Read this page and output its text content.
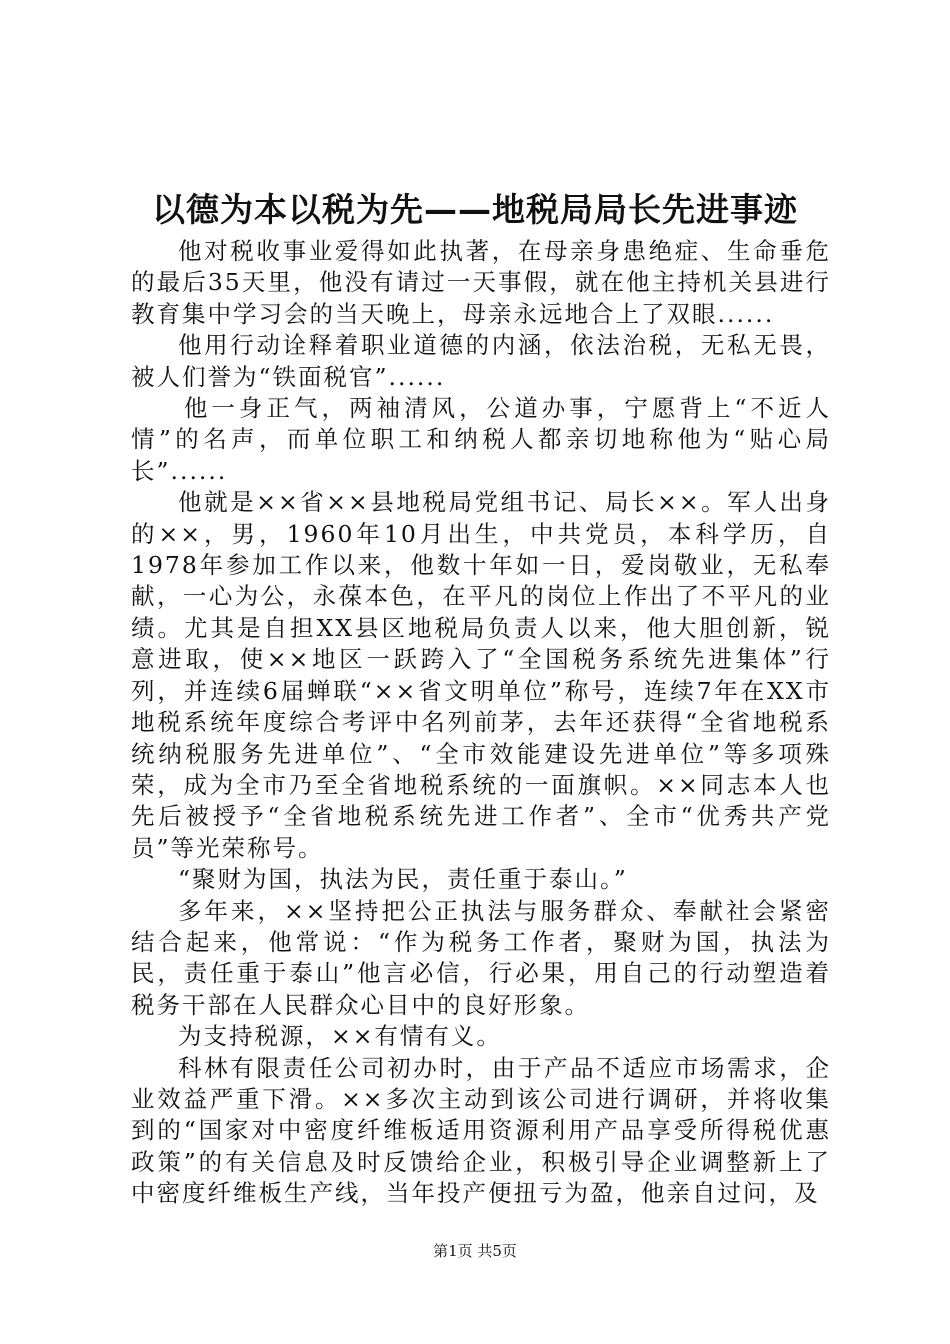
以德为本以税为先——地税局局长先进事迹

他对税收事业爱得如此执著，在母亲身患绝症、生命垂危的最后35天里，他没有请过一天事假，就在他主持机关县进行教育集中学习会的当天晚上，母亲永远地合上了双眼......

他用行动诠释着职业道德的内涵，依法治税，无私无畏，被人们誉为“铁面税官”......

他一身正气，两袖清风，公道办事，宁愿背上“不近人情”的名声，而单位职工和纳税人都亲切地称他为“贴心局长”......

他就是××省××县地税局党组书记、局长××。军人出身的××，男，1960年10月出生，中共党员，本科学历，自1978年参加工作以来，他数十年如一日，爱岗敬业，无私奉献，一心为公，永葆本色，在平凡的岗位上作出了不平凡的业绩。尤其是自担XX县区地税局负责人以来，他大胆创新，锐意进取，使××地区一跃跨入了“全国税务系统先进集体”行列，并连续6届蝉联“××省文明单位”称号，连续7年在XX市地税系统年度综合考评中名列前茅，去年还获得“全省地税系统纳税服务先进单位”、“全市效能建设先进单位”等多项殊荣，成为全市乃至全省地税系统的一面旗帜。××同志本人也先后被授予“全省地税系统先进工作者”、全市“优秀共产党员”等光荣称号。

“聚财为国，执法为民，责任重于泰山。”

多年来，××坚持把公正执法与服务群众、奉献社会紧密结合起来，他常说：“作为税务工作者，聚财为国，执法为民，责任重于泰山”他言必信，行必果，用自己的行动塑造着税务干部在人民群众心目中的良好形象。

为支持税源，××有情有义。

科林有限责任公司初办时，由于产品不适应市场需求，企业效益严重下滑。××多次主动到该公司进行调研，并将收集到的“国家对中密度纤维板适用资源利用产品享受所得税优惠政策”的有关信息及时反馈给企业，积极引导企业调整新上了中密度纤维板生产线，当年投产便扭亏为盈，他亲自过问，及

第1页 共5页
